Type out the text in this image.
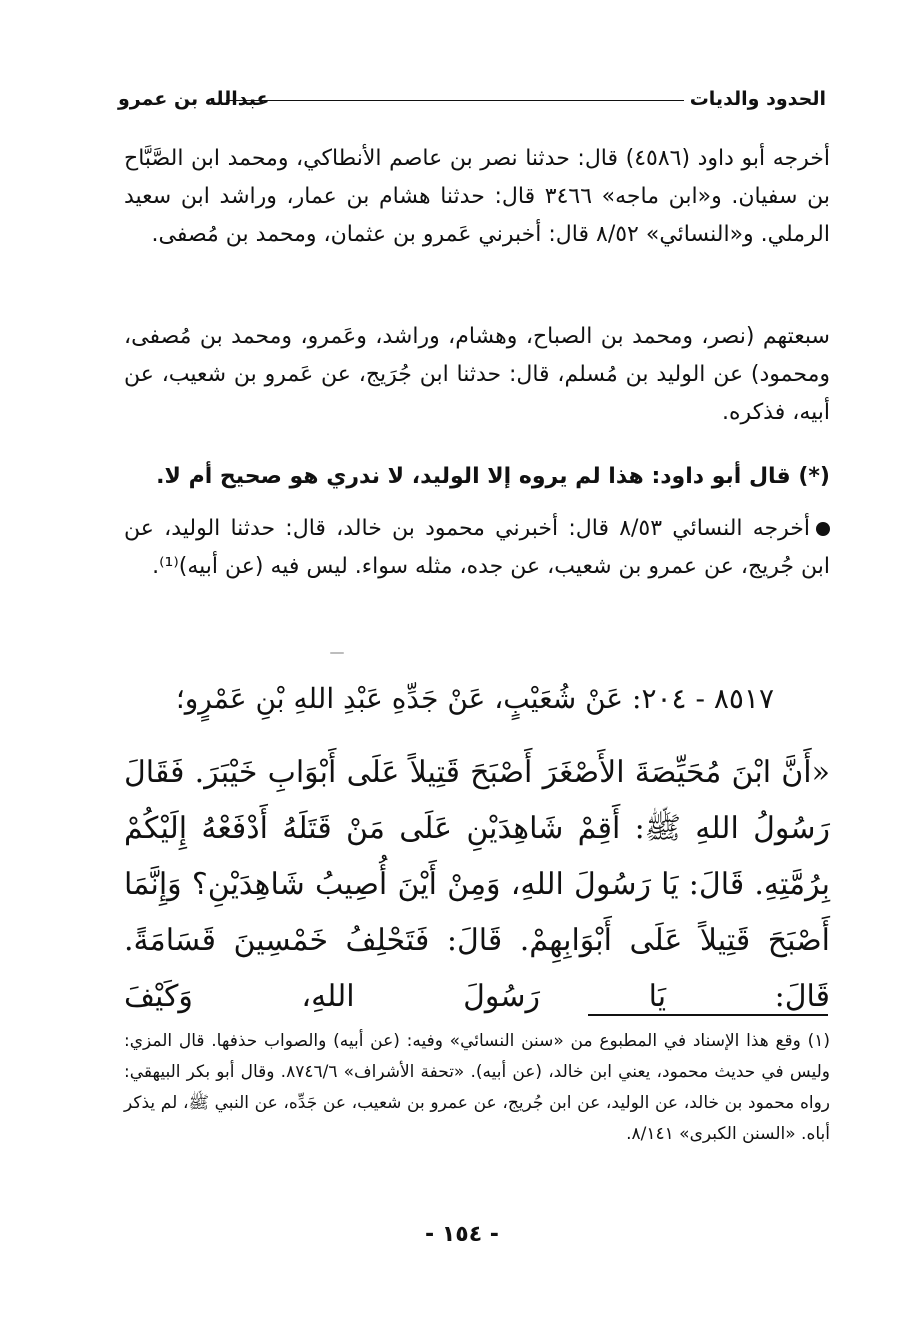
الحدود والديات
عبدالله بن عمرو
أخرجه أبو داود (٤٥٨٦) قال: حدثنا نصر بن عاصم الأنطاكي، ومحمد ابن الصَّبَّاح بن سفيان. و«ابن ماجه» ٣٤٦٦ قال: حدثنا هشام بن عمار، وراشد ابن سعيد الرملي. و«النسائي» ٨/٥٢ قال: أخبرني عَمرو بن عثمان، ومحمد بن مُصفى.
سبعتهم (نصر، ومحمد بن الصباح، وهشام، وراشد، وعَمرو، ومحمد بن مُصفى، ومحمود) عن الوليد بن مُسلم، قال: حدثنا ابن جُرَيج، عن عَمرو بن شعيب، عن أبيه، فذكره.
(*) قال أبو داود: هذا لم يروه إلا الوليد، لا ندري هو صحيح أم لا.
أخرجه النسائي ٨/٥٣ قال: أخبرني محمود بن خالد، قال: حدثنا الوليد، عن ابن جُريج، عن عمرو بن شعيب، عن جده، مثله سواء. ليس فيه (عن أبيه)⁽¹⁾.
٨٥١٧ - ٢٠٤: عَنْ شُعَيْبٍ، عَنْ جَدِّهِ عَبْدِ اللهِ بْنِ عَمْرٍو؛
«أَنَّ ابْنَ مُحَيِّصَةَ الأَصْغَرَ أَصْبَحَ قَتِيلاً عَلَى أَبْوَابِ خَيْبَرَ. فَقَالَ رَسُولُ اللهِ ﷺ: أَقِمْ شَاهِدَيْنِ عَلَى مَنْ قَتَلَهُ أَدْفَعْهُ إِلَيْكُمْ بِرُمَّتِهِ. قَالَ: يَا رَسُولَ اللهِ، وَمِنْ أَيْنَ أُصِيبُ شَاهِدَيْنِ؟ وَإِنَّمَا أَصْبَحَ قَتِيلاً عَلَى أَبْوَابِهِمْ. قَالَ: فَتَحْلِفُ خَمْسِينَ قَسَامَةً. قَالَ: يَا رَسُولَ اللهِ، وَكَيْفَ
(١) وقع هذا الإسناد في المطبوع من «سنن النسائي» وفيه: (عن أبيه) والصواب حذفها. قال المزي: وليس في حديث محمود، يعني ابن خالد، (عن أبيه). «تحفة الأشراف» ٨٧٤٦/٦. وقال أبو بكر البيهقي: رواه محمود بن خالد، عن الوليد، عن ابن جُريج، عن عمرو بن شعيب، عن جَدِّه، عن النبي ﷺ، لم يذكر أباه. «السنن الكبرى» ٨/١٤١.
- ١٥٤ -
